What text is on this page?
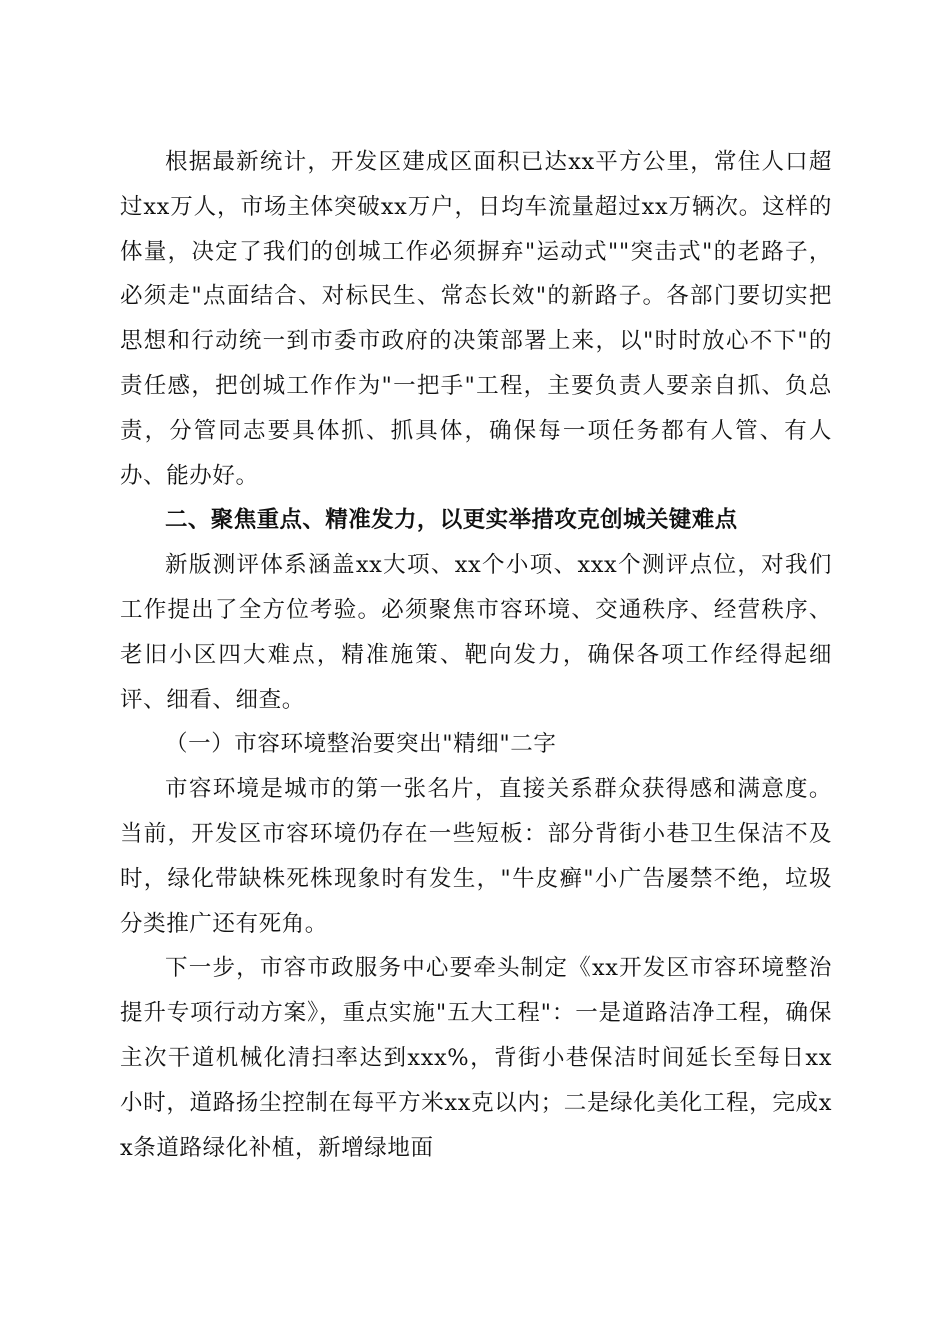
根据最新统计，开发区建成区面积已达xx平方公里，常住人口超过xx万人，市场主体突破xx万户，日均车流量超过xx万辆次。这样的体量，决定了我们的创城工作必须摒弃"运动式""突击式"的老路子，必须走"点面结合、对标民生、常态长效"的新路子。各部门要切实把思想和行动统一到市委市政府的决策部署上来，以"时时放心不下"的责任感，把创城工作作为"一把手"工程，主要负责人要亲自抓、负总责，分管同志要具体抓、抓具体，确保每一项任务都有人管、有人办、能办好。

二、聚焦重点、精准发力，以更实举措攻克创城关键难点

新版测评体系涵盖xx大项、xx个小项、xxx个测评点位，对我们工作提出了全方位考验。必须聚焦市容环境、交通秩序、经营秩序、老旧小区四大难点，精准施策、靶向发力，确保各项工作经得起细评、细看、细查。

（一）市容环境整治要突出"精细"二字

市容环境是城市的第一张名片，直接关系群众获得感和满意度。当前，开发区市容环境仍存在一些短板：部分背街小巷卫生保洁不及时，绿化带缺株死株现象时有发生，"牛皮癣"小广告屡禁不绝，垃圾分类推广还有死角。

下一步，市容市政服务中心要牵头制定《xx开发区市容环境整治提升专项行动方案》，重点实施"五大工程"：一是道路洁净工程，确保主次干道机械化清扫率达到xxx%，背街小巷保洁时间延长至每日xx小时，道路扬尘控制在每平方米xx克以内；二是绿化美化工程，完成xx条道路绿化补植，新增绿地面
